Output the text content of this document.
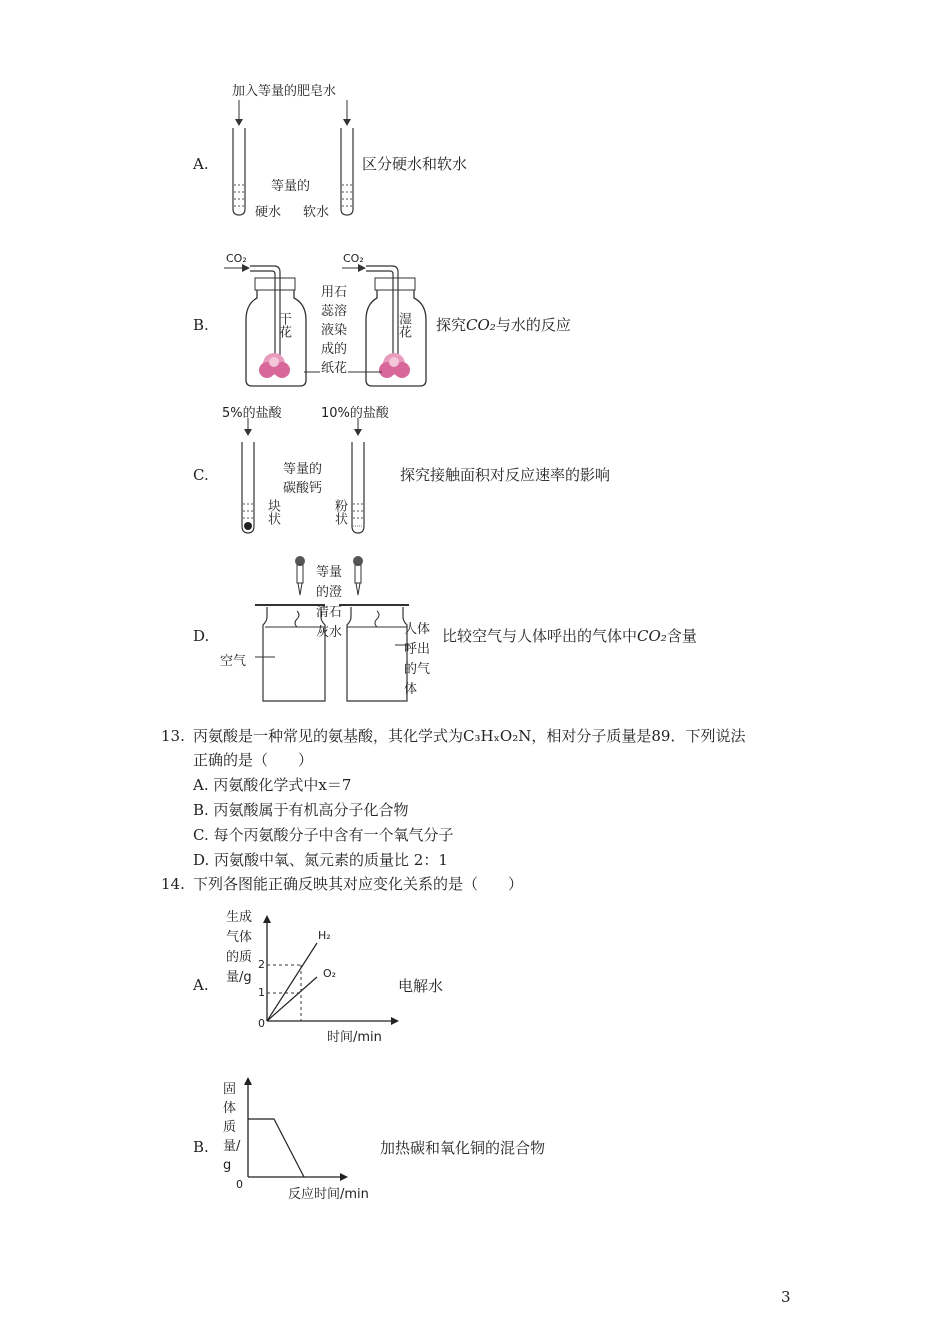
A.
加入等量的肥皂水
等量的
硬水 软水
区分硬水和软水
B.
CO₂	CO₂
干花	湿花
用石蕊溶液染成的纸花
探究CO₂与水的反应
C.
5%的盐酸	10%的盐酸
等量的
碳酸钙
块状	粉状
探究接触面积对反应速率的影响
D.
等量的澄清石灰水
空气
人体呼出的气体
比较空气与人体呼出的气体中CO₂含量
13. 丙氨酸是一种常见的氨基酸，其化学式为C₃HₓO₂N，相对分子质量是89．下列说法
正确的是（　　）
A. 丙氨酸化学式中x＝7
B. 丙氨酸属于有机高分子化合物
C. 每个丙氨酸分子中含有一个氧气分子
D. 丙氨酸中氧、氮元素的质量比 2：1
14. 下列各图能正确反映其对应变化关系的是（　　）
A.
生成气体的质量/g
2
1
0
H₂
O₂
时间/min
电解水
B.
固体质量/g
0
反应时间/min
加热碳和氧化铜的混合物
3
